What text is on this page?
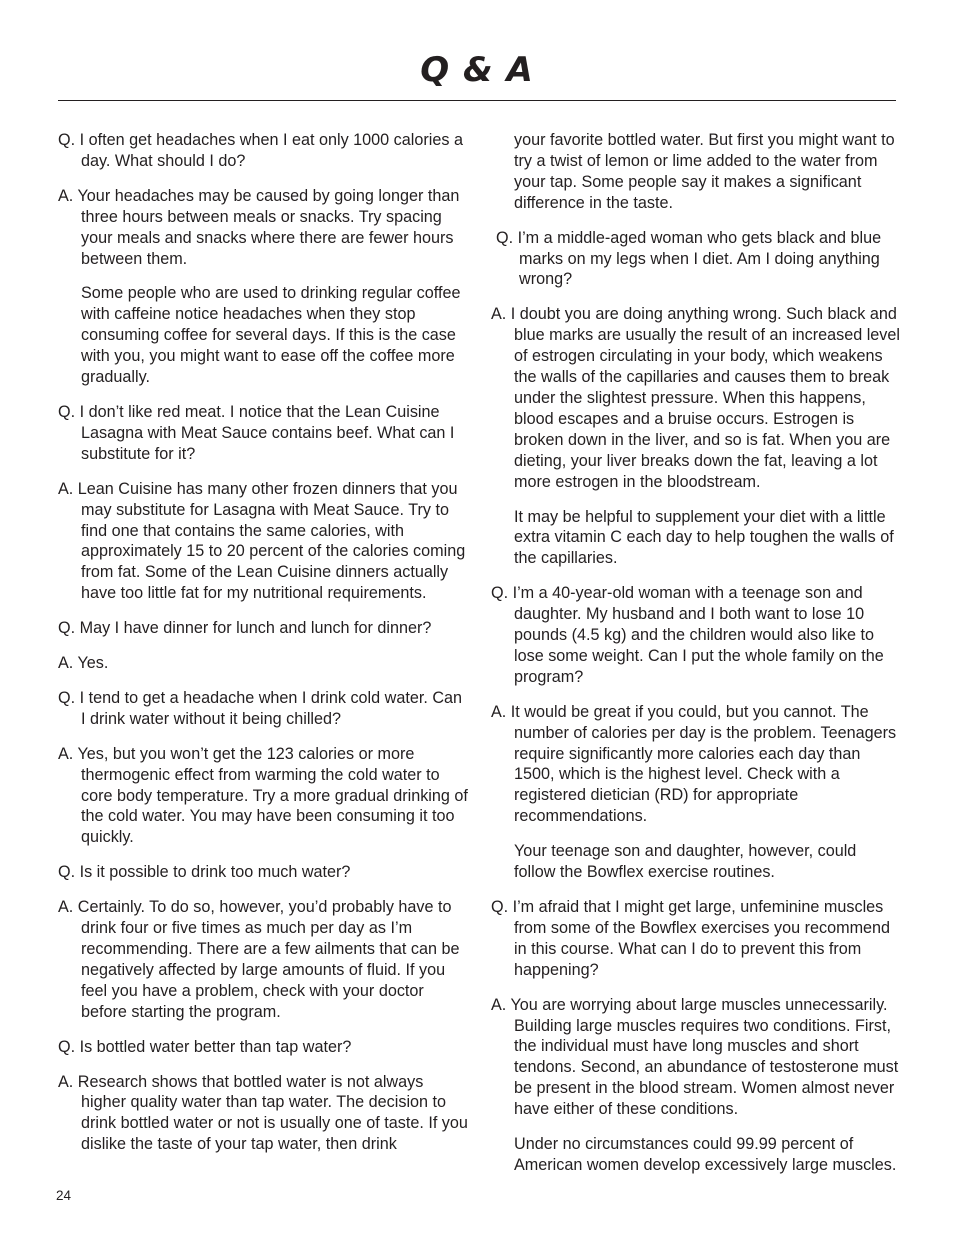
Q & A

Q. I often get headaches when I eat only 1000 calories a day. What should I do?

A. Your headaches may be caused by going longer than three hours between meals or snacks. Try spacing your meals and snacks where there are fewer hours between them.

Some people who are used to drinking regular coffee with caffeine notice headaches when they stop consuming coffee for several days. If this is the case with you, you might want to ease off the coffee more gradually.

Q. I don’t like red meat. I notice that the Lean Cuisine Lasagna with Meat Sauce contains beef. What can I substitute for it?

A. Lean Cuisine has many other frozen dinners that you may substitute for Lasagna with Meat Sauce. Try to find one that contains the same calories, with approximately 15 to 20 percent of the calories coming from fat. Some of the Lean Cuisine dinners actually have too little fat for my nutritional requirements.

Q. May I have dinner for lunch and lunch for dinner?

A. Yes.

Q. I tend to get a headache when I drink cold water. Can I drink water without it being chilled?

A. Yes, but you won’t get the 123 calories or more thermogenic effect from warming the cold water to core body temperature. Try a more gradual drinking of the cold water. You may have been consuming it too quickly.

Q. Is it possible to drink too much water?

A. Certainly. To do so, however, you’d probably have to drink four or five times as much per day as I’m recommending. There are a few ailments that can be negatively affected by large amounts of fluid. If you feel you have a problem, check with your doctor before starting the program.

Q. Is bottled water better than tap water?

A. Research shows that bottled water is not always higher quality water than tap water. The decision to drink bottled water or not is usually one of taste. If you dislike the taste of your tap water, then drink

your favorite bottled water. But first you might want to try a twist of lemon or lime added to the water from your tap. Some people say it makes a significant difference in the taste.

Q. I’m a middle-aged woman who gets black and blue marks on my legs when I diet. Am I doing anything wrong?

A. I doubt you are doing anything wrong. Such black and blue marks are usually the result of an increased level of estrogen circulating in your body, which weakens the walls of the capillaries and causes them to break under the slightest pressure. When this happens, blood escapes and a bruise occurs. Estrogen is broken down in the liver, and so is fat. When you are dieting, your liver breaks down the fat, leaving a lot more estrogen in the bloodstream.

It may be helpful to supplement your diet with a little extra vitamin C each day to help toughen the walls of the capillaries.

Q. I’m a 40-year-old woman with a teenage son and daughter. My husband and I both want to lose 10 pounds (4.5 kg) and the children would also like to lose some weight. Can I put the whole family on the program?

A. It would be great if you could, but you cannot. The number of calories per day is the problem. Teenagers require significantly more calories each day than 1500, which is the highest level. Check with a registered dietician (RD) for appropriate recommendations.

Your teenage son and daughter, however, could follow the Bowflex exercise routines.

Q. I’m afraid that I might get large, unfeminine muscles from some of the Bowflex exercises you recommend in this course. What can I do to prevent this from happening?

A. You are worrying about large muscles unnecessarily. Building large muscles requires two conditions. First, the individual must have long muscles and short tendons. Second, an abundance of testosterone must be present in the blood stream. Women almost never have either of these conditions.

Under no circumstances could 99.99 percent of American women develop excessively large muscles.

24
